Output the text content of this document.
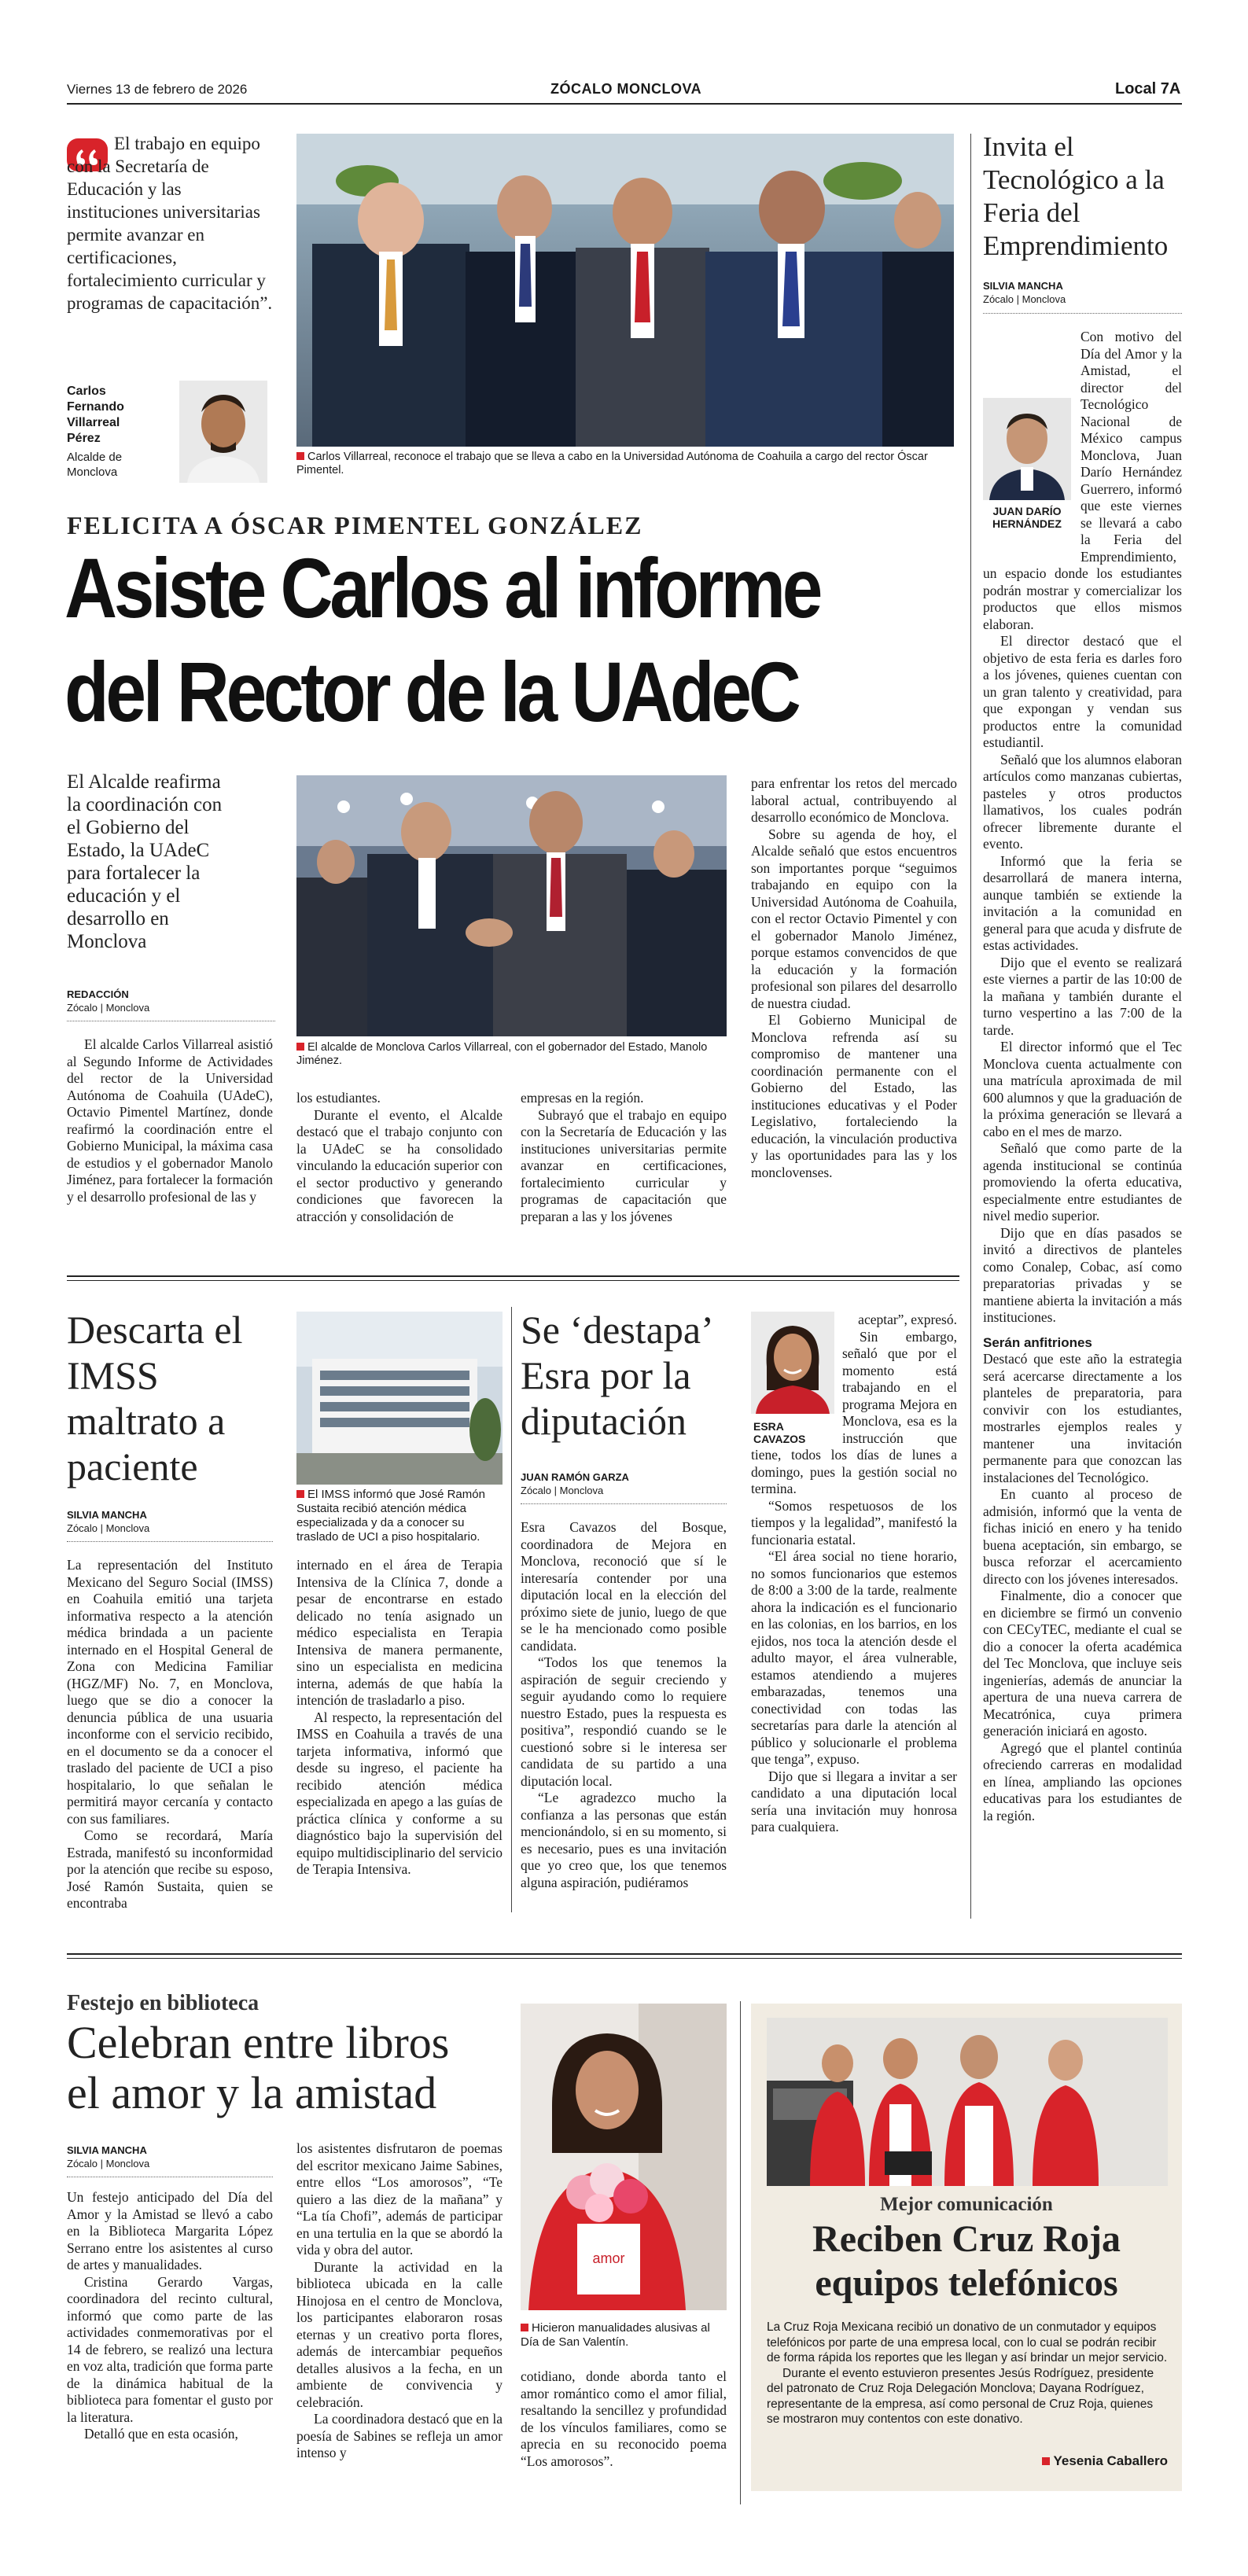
Viernes 13 de febrero de 2026	ZÓCALO MONCLOVA	Local 7A
El trabajo en equipo con la Secretaría de Educación y las instituciones universitarias permite avanzar en certificaciones, fortalecimiento curricular y programas de capacitación”.
Carlos Fernando Villarreal Pérez
Alcalde de Monclova
Carlos Villarreal, reconoce el trabajo que se lleva a cabo en la Universidad Autónoma de Coahuila a cargo del rector Óscar Pimentel.
FELICITA A ÓSCAR PIMENTEL GONZÁLEZ
Asiste Carlos al informe
del Rector de la UAdeC
El Alcalde reafirma la coordinación con el Gobierno del Estado, la UAdeC para fortalecer la educación y el desarrollo en Monclova
REDACCIÓN
Zócalo | Monclova
El alcalde de Monclova Carlos Villarreal, con el gobernador del Estado, Manolo Jiménez.

El alcalde Carlos Villarreal asistió al Segundo Informe de Actividades del rector de la Universidad Autónoma de Coahuila (UAdeC), Octavio Pimentel Martínez, donde reafirmó la coordinación entre el Gobierno Municipal, la máxima casa de estudios y el gobernador Manolo Jiménez, para fortalecer la formación y el desarrollo profesional de las y

los estudiantes.

Durante el evento, el Alcalde destacó que el trabajo conjunto con la UAdeC se ha consolidado vinculando la educación superior con el sector productivo y generando condiciones que favorecen la atracción y consolidación de

empresas en la región.

Subrayó que el trabajo en equipo con la Secretaría de Educación y las instituciones universitarias permite avanzar en certificaciones, fortalecimiento curricular y programas de capacitación que preparan a las y los jóvenes

para enfrentar los retos del mercado laboral actual, contribuyendo al desarrollo económico de Monclova.

Sobre su agenda de hoy, el Alcalde señaló que estos encuentros son importantes porque “seguimos trabajando en equipo con la Universidad Autónoma de Coahuila, con el rector Octavio Pimentel y con el gobernador Manolo Jiménez, porque estamos convencidos de que la educación y la formación profesional son pilares del desarrollo de nuestra ciudad.

El Gobierno Municipal de Monclova refrenda así su compromiso de mantener una coordinación permanente con el Gobierno del Estado, las instituciones educativas y el Poder Legislativo, fortaleciendo la educación, la vinculación productiva y las oportunidades para las y los monclovenses.

Invita el Tecnológico a la Feria del Emprendimiento
SILVIA MANCHA
Zócalo | Monclova
JUAN DARÍO HERNÁNDEZ

Con motivo del Día del Amor y la Amistad, el director del Tecnológico Nacional de México campus Monclova, Juan Darío Hernández Guerrero, informó que este viernes se llevará a cabo la Feria del Emprendimiento, un espacio donde los estudiantes podrán mostrar y comercializar los productos que ellos mismos elaboran.

El director destacó que el objetivo de esta feria es darles foro a los jóvenes, quienes cuentan con un gran talento y creatividad, para que expongan y vendan sus productos entre la comunidad estudiantil.

Señaló que los alumnos elaboran artículos como manzanas cubiertas, pasteles y otros productos llamativos, los cuales podrán ofrecer libremente durante el evento.

Informó que la feria se desarrollará de manera interna, aunque también se extiende la invitación a la comunidad en general para que acuda y disfrute de estas actividades.

Dijo que el evento se realizará este viernes a partir de las 10:00 de la mañana y también durante el turno vespertino a las 7:00 de la tarde.

El director informó que el Tec Monclova cuenta actualmente con una matrícula aproximada de mil 600 alumnos y que la graduación de la próxima generación se llevará a cabo en el mes de marzo.

Señaló que como parte de la agenda institucional se continúa promoviendo la oferta educativa, especialmente entre estudiantes de nivel medio superior.

Dijo que en días pasados se invitó a directivos de planteles como Conalep, Cobac, así como preparatorias privadas y se mantiene abierta la invitación a más instituciones.

Serán anfitriones

Destacó que este año la estrategia será acercarse directamente a los planteles de preparatoria, para convivir con los estudiantes, mostrarles ejemplos reales y mantener una invitación permanente para que conozcan las instalaciones del Tecnológico.

En cuanto al proceso de admisión, informó que la venta de fichas inició en enero y ha tenido buena aceptación, sin embargo, se busca reforzar el acercamiento directo con los jóvenes interesados.

Finalmente, dio a conocer que en diciembre se firmó un convenio con CECyTEC, mediante el cual se dio a conocer la oferta académica del Tec Monclova, que incluye seis ingenierías, además de anunciar la apertura de una nueva carrera de Mecatrónica, cuya primera generación iniciará en agosto.

Agregó que el plantel continúa ofreciendo carreras en modalidad en línea, ampliando las opciones educativas para los estudiantes de la región.

Descarta el IMSS maltrato a paciente
SILVIA MANCHA
Zócalo | Monclova
El IMSS informó que José Ramón Sustaita recibió atención médica especializada y da a conocer su traslado de UCI a piso hospitalario.

La representación del Instituto Mexicano del Seguro Social (IMSS) en Coahuila emitió una tarjeta informativa respecto a la atención médica brindada a un paciente internado en el Hospital General de Zona con Medicina Familiar (HGZ/MF) No. 7, en Monclova, luego que se dio a conocer la denuncia pública de una usuaria inconforme con el servicio recibido, en el documento se da a conocer el traslado del paciente de UCI a piso hospitalario, lo que señalan le permitirá mayor cercanía y contacto con sus familiares.

Como se recordará, María Estrada, manifestó su inconformidad por la atención que recibe su esposo, José Ramón Sustaita, quien se encontraba

internado en el área de Terapia Intensiva de la Clínica 7, donde a pesar de encontrarse en estado delicado no tenía asignado un médico especialista en Terapia Intensiva de manera permanente, sino un especialista en medicina interna, además de que había la intención de trasladarlo a piso.

Al respecto, la representación del IMSS en Coahuila a través de una tarjeta informativa, informó que desde su ingreso, el paciente ha recibido atención médica especializada en apego a las guías de práctica clínica y conforme a su diagnóstico bajo la supervisión del equipo multidisciplinario del servicio de Terapia Intensiva.

Se ‘destapa’ Esra por la diputación
JUAN RAMÓN GARZA
Zócalo | Monclova
ESRA CAVAZOS

Esra Cavazos del Bosque, coordinadora de Mejora en Monclova, reconoció que sí le interesaría contender por una diputación local en la elección del próximo siete de junio, luego de que se le ha mencionado como posible candidata.

“Todos los que tenemos la aspiración de seguir creciendo y seguir ayudando como lo requiere nuestro Estado, pues la respuesta es positiva”, respondió cuando se le cuestionó sobre si le interesa ser candidata de su partido a una diputación local.

“Le agradezco mucho la confianza a las personas que están mencionándolo, si en su momento, si es necesario, pues es una invitación que yo creo que, los que tenemos alguna aspiración, pudiéramos

aceptar”, expresó.
Sin embargo, señaló que por el momento está trabajando en el programa Mejora en Monclova, esa es la instrucción que tiene, todos los días de lunes a domingo, pues la gestión social no termina.

“Somos respetuosos de los tiempos y la legalidad”, manifestó la funcionaria estatal.

“El área social no tiene horario, no somos funcionarios que estemos de 8:00 a 3:00 de la tarde, realmente ahora la indicación es el funcionario en las colonias, en los barrios, en los ejidos, nos toca la atención desde el adulto mayor, el área vulnerable, estamos atendiendo a mujeres embarazadas, tenemos una conectividad con todas las secretarías para darle la atención al público y solucionarle el problema que tenga”, expuso.

Dijo que si llegara a invitar a ser candidato a una diputación local sería una invitación muy honrosa para cualquiera.

Festejo en biblioteca
Celebran entre libros
el amor y la amistad
SILVIA MANCHA
Zócalo | Monclova
amor
Hicieron manualidades alusivas al Día de San Valentín.

Un festejo anticipado del Día del Amor y la Amistad se llevó a cabo en la Biblioteca Margarita López Serrano entre los asistentes al curso de artes y manualidades.

Cristina Gerardo Vargas, coordinadora del recinto cultural, informó que como parte de las actividades conmemorativas por el 14 de febrero, se realizó una lectura en voz alta, tradición que forma parte de la dinámica habitual de la biblioteca para fomentar el gusto por la literatura.

Detalló que en esta ocasión,

los asistentes disfrutaron de poemas del escritor mexicano Jaime Sabines, entre ellos “Los amorosos”, “Te quiero a las diez de la mañana” y “La tía Chofi”, además de participar en una tertulia en la que se abordó la vida y obra del autor.

Durante la actividad en la biblioteca ubicada en la calle Hinojosa en el centro de Monclova, los participantes elaboraron rosas eternas y un creativo porta flores, además de intercambiar pequeños detalles alusivos a la fecha, en un ambiente de convivencia y celebración.

La coordinadora destacó que en la poesía de Sabines se refleja un amor intenso y

cotidiano, donde aborda tanto el amor romántico como el amor filial, resaltando la sencillez y profundidad de los vínculos familiares, como se aprecia en su reconocido poema “Los amorosos”.

Mejor comunicación
Reciben Cruz Roja
equipos telefónicos

La Cruz Roja Mexicana recibió un donativo de un conmutador y equipos telefónicos por parte de una empresa local, con lo cual se podrán recibir de forma rápida los reportes que les llegan y así brindar un mejor servicio.

Durante el evento estuvieron presentes Jesús Rodríguez, presidente del patronato de Cruz Roja Delegación Monclova; Dayana Rodríguez, representante de la empresa, así como personal de Cruz Roja, quienes se mostraron muy contentos con este donativo.

Yesenia Caballero
